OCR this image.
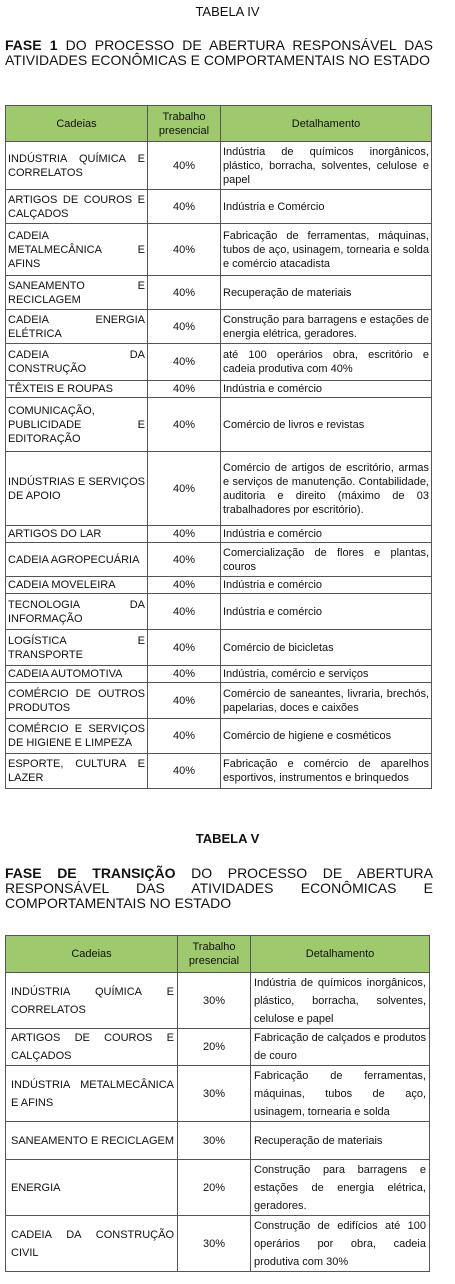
TABELA IV
FASE 1 DO PROCESSO DE ABERTURA RESPONSÁVEL DAS ATIVIDADES ECONÔMICAS E COMPORTAMENTAIS NO ESTADO
Cadeias	Trabalho presencial	Detalhamento
INDÚSTRIA QUÍMICA E CORRELATOS	40%	Indústria de químicos inorgânicos, plástico, borracha, solventes, celulose e papel
ARTIGOS DE COUROS E CALÇADOS	40%	Indústria e Comércio
CADEIA METALMECÂNICA E AFINS	40%	Fabricação de ferramentas, máquinas, tubos de aço, usinagem, tornearia e solda e comércio atacadista
SANEAMENTO E RECICLAGEM	40%	Recuperação de materiais
CADEIA ENERGIA ELÉTRICA	40%	Construção para barragens e estações de energia elétrica, geradores.
CADEIA DA CONSTRUÇÃO	40%	até 100 operários obra, escritório e cadeia produtiva com 40%
TÊXTEIS E ROUPAS	40%	Indústria e comércio
COMUNICAÇÃO, PUBLICIDADE E EDITORAÇÃO	40%	Comércio de livros e revistas
INDÚSTRIAS E SERVIÇOS DE APOIO	40%	Comércio de artigos de escritório, armas e serviços de manutenção. Contabilidade, auditoria e direito (máximo de 03 trabalhadores por escritório).
ARTIGOS DO LAR	40%	Indústria e comércio
CADEIA AGROPECUÁRIA	40%	Comercialização de flores e plantas, couros
CADEIA MOVELEIRA	40%	Indústria e comércio
TECNOLOGIA DA INFORMAÇÃO	40%	Indústria e comércio
LOGÍSTICA E TRANSPORTE	40%	Comércio de bicicletas
CADEIA AUTOMOTIVA	40%	Indústria, comércio e serviços
COMÉRCIO DE OUTROS PRODUTOS	40%	Comércio de saneantes, livraria, brechós, papelarias, doces e caixões
COMÉRCIO E SERVIÇOS DE HIGIENE E LIMPEZA	40%	Comércio de higiene e cosméticos
ESPORTE, CULTURA E LAZER	40%	Fabricação e comércio de aparelhos esportivos, instrumentos e brinquedos
TABELA V
FASE DE TRANSIÇÃO DO PROCESSO DE ABERTURA RESPONSÁVEL DAS ATIVIDADES ECONÔMICAS E COMPORTAMENTAIS NO ESTADO
Cadeias	Trabalho presencial	Detalhamento
INDÚSTRIA QUÍMICA E CORRELATOS	30%	Indústria de químicos inorgânicos, plástico, borracha, solventes, celulose e papel
ARTIGOS DE COUROS E CALÇADOS	20%	Fabricação de calçados e produtos de couro
INDÚSTRIA METALMECÂNICA E AFINS	30%	Fabricação de ferramentas, máquinas, tubos de aço, usinagem, tornearia e solda
SANEAMENTO E RECICLAGEM	30%	Recuperação de materiais
ENERGIA	20%	Construção para barragens e estações de energia elétrica, geradores.
CADEIA DA CONSTRUÇÃO CIVIL	30%	Construção de edifícios até 100 operários por obra, cadeia produtiva com 30%
